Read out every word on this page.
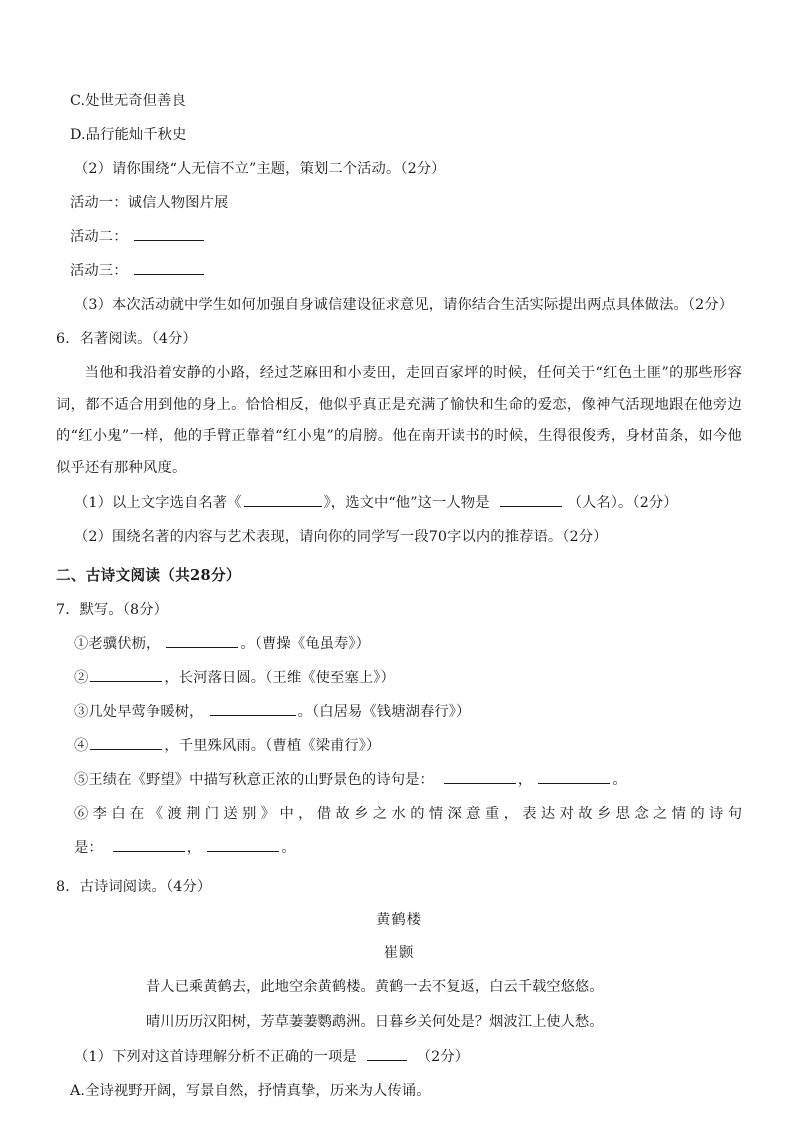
C.处世无奇但善良
D.品行能灿千秋史
（2）请你围绕“人无信不立”主题，策划二个活动。（2分）
活动一：诚信人物图片展
活动二：
活动三：
（3）本次活动就中学生如何加强自身诚信建设征求意见，请你结合生活实际提出两点具体做法。（2分）
6．名著阅读。（4分）
当他和我沿着安静的小路，经过芝麻田和小麦田，走回百家坪的时候，任何关于“红色土匪”的那些形容词，都不适合用到他的身上。恰恰相反，他似乎真正是充满了愉快和生命的爱恋，像神气活现地跟在他旁边的“红小鬼”一样，他的手臂正靠着“红小鬼”的肩膀。他在南开读书的时候，生得很俊秀，身材苗条，如今他似乎还有那种风度。
（1）以上文字选自名著《	》，选文中“他”这一人物是	（人名）。（2分）
（2）围绕名著的内容与艺术表现，请向你的同学写一段70字以内的推荐语。（2分）
二、古诗文阅读（共28分）
7．默写。（8分）
①老骥伏枥，	。（曹操《龟虽寿》）
②	，长河落日圆。（王维《使至塞上》）
③几处早莺争暖树，	。（白居易《钱塘湖春行》）
④	，千里殊风雨。（曹植《梁甫行》）
⑤王绩在《野望》中描写秋意正浓的山野景色的诗句是：	，	。
⑥李白在《渡荆门送别》中，借故乡之水的情深意重，表达对故乡思念之情的诗句
是：	，	。
8．古诗词阅读。（4分）
黄鹤楼
崔颢
昔人已乘黄鹤去，此地空余黄鹤楼。黄鹤一去不复返，白云千载空悠悠。
晴川历历汉阳树，芳草萋萋鹦鹉洲。日暮乡关何处是？烟波江上使人愁。
（1）下列对这首诗理解分析不正确的一项是	（2分）
A.全诗视野开阔，写景自然，抒情真挚，历来为人传诵。
